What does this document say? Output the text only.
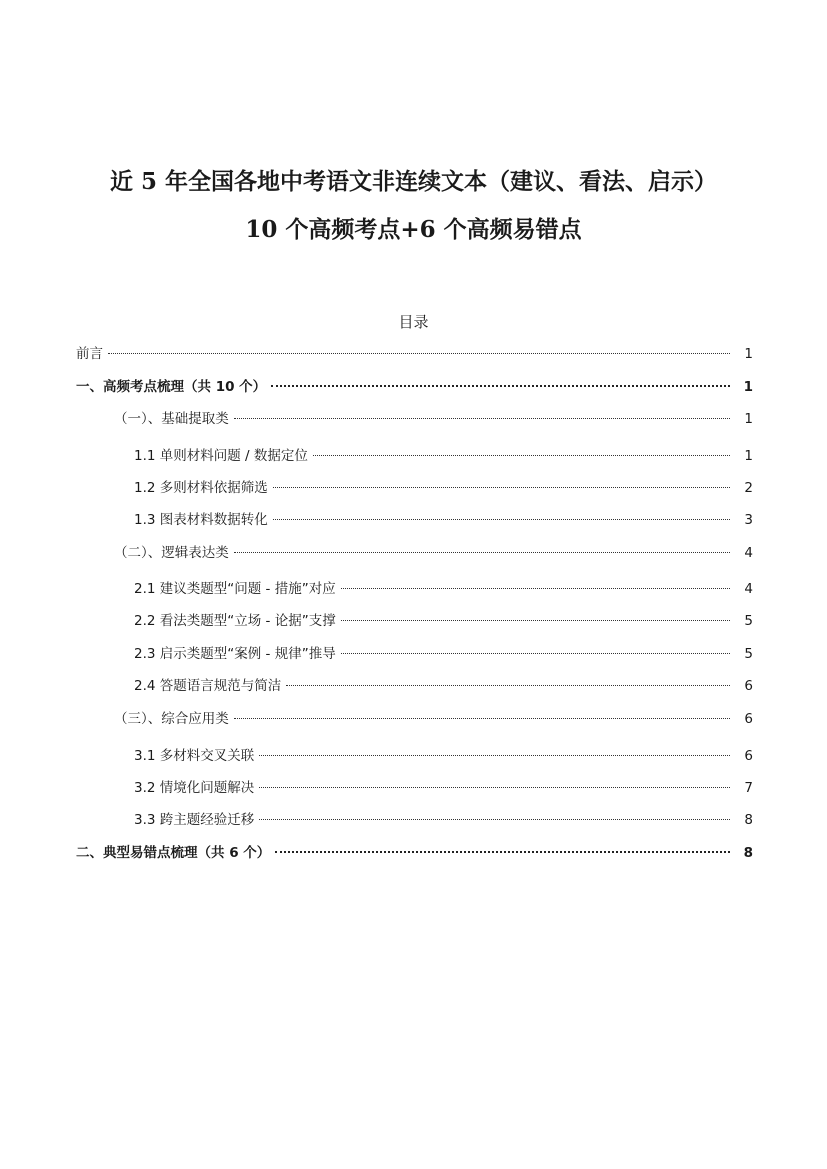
近 5 年全国各地中考语文非连续文本（建议、看法、启示）
10 个高频考点+6 个高频易错点
目录
前言	1
一、高频考点梳理（共 10 个）	1
（一）、基础提取类	1
1.1 单则材料问题 / 数据定位	1
1.2 多则材料依据筛选	2
1.3 图表材料数据转化	3
（二）、逻辑表达类	4
2.1 建议类题型“问题 - 措施”对应	4
2.2 看法类题型“立场 - 论据”支撑	5
2.3 启示类题型“案例 - 规律”推导	5
2.4 答题语言规范与简洁	6
（三）、综合应用类	6
3.1 多材料交叉关联	6
3.2 情境化问题解决	7
3.3 跨主题经验迁移	8
二、典型易错点梳理（共 6 个）	8
